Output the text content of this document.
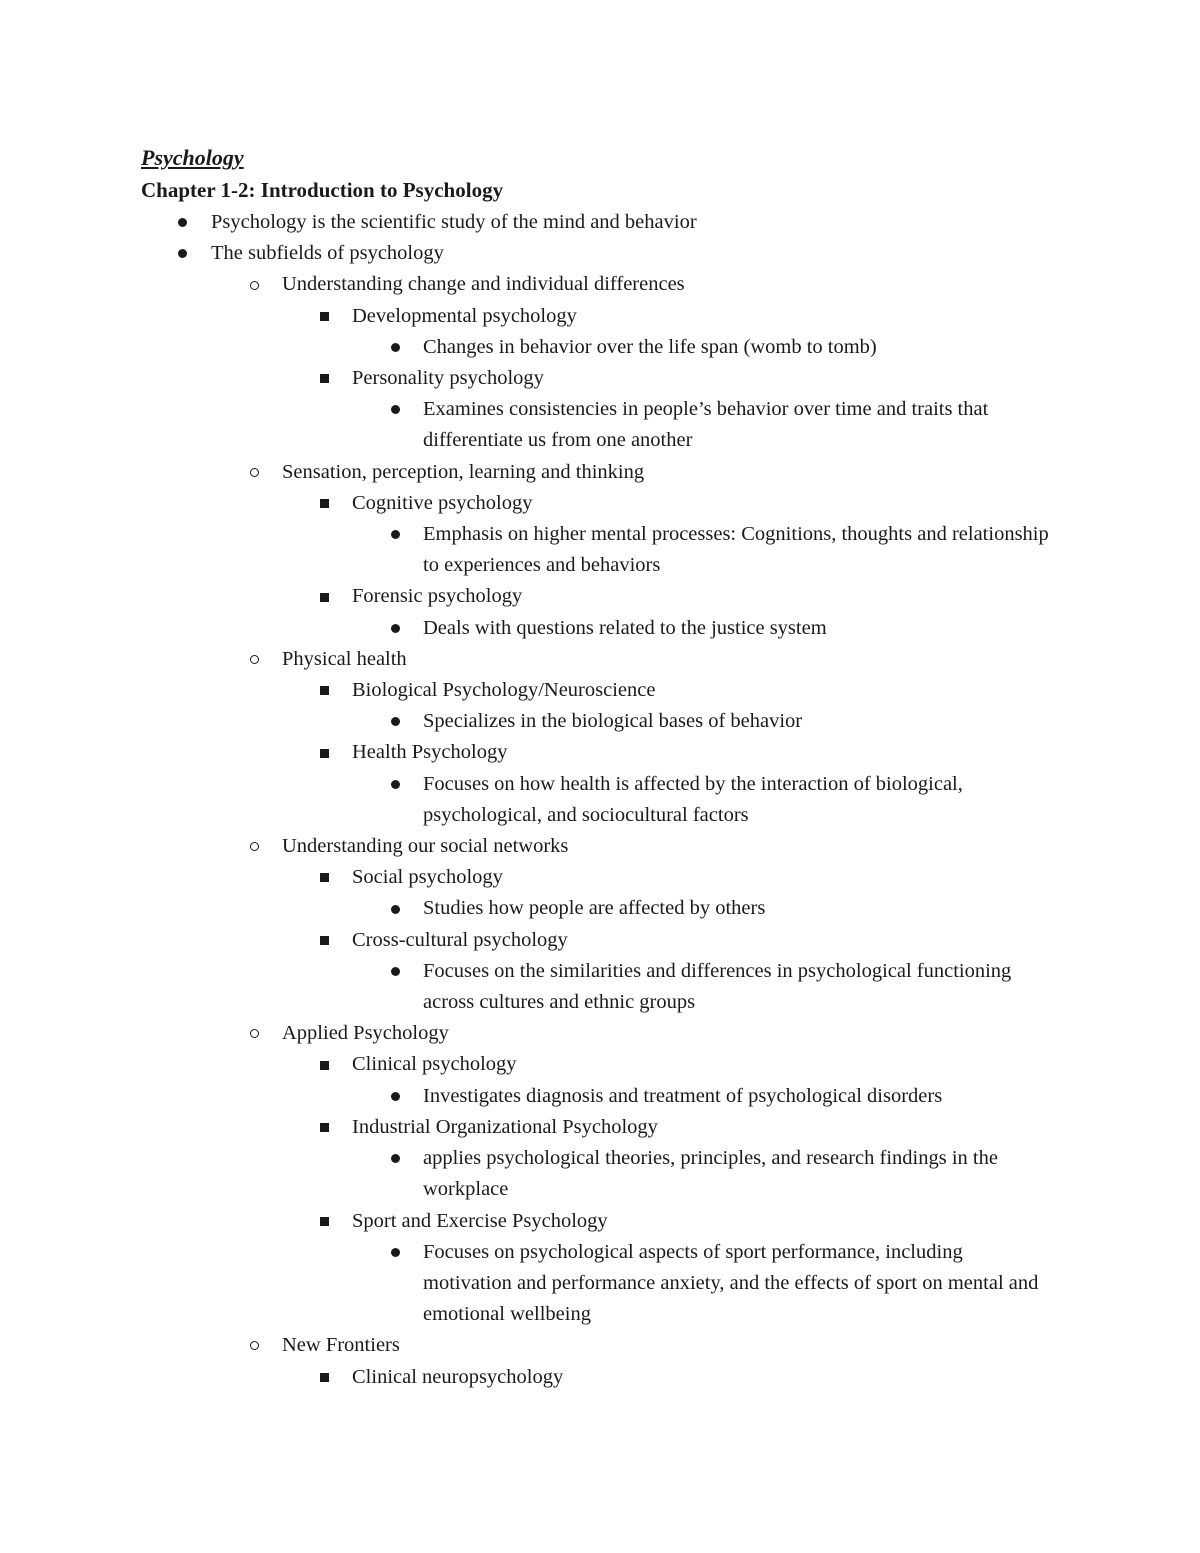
Psychology
Chapter 1-2: Introduction to Psychology
Psychology is the scientific study of the mind and behavior
The subfields of psychology
Understanding change and individual differences
Developmental psychology
Changes in behavior over the life span (womb to tomb)
Personality psychology
Examines consistencies in people’s behavior over time and traits that differentiate us from one another
Sensation, perception, learning and thinking
Cognitive psychology
Emphasis on higher mental processes: Cognitions, thoughts and relationship to experiences and behaviors
Forensic psychology
Deals with questions related to the justice system
Physical health
Biological Psychology/Neuroscience
Specializes in the biological bases of behavior
Health Psychology
Focuses on how health is affected by the interaction of biological, psychological, and sociocultural factors
Understanding our social networks
Social psychology
Studies how people are affected by others
Cross-cultural psychology
Focuses on the similarities and differences in psychological functioning across cultures and ethnic groups
Applied Psychology
Clinical psychology
Investigates diagnosis and treatment of psychological disorders
Industrial Organizational Psychology
applies psychological theories, principles, and research findings in the workplace
Sport and Exercise Psychology
Focuses on psychological aspects of sport performance, including motivation and performance anxiety, and the effects of sport on mental and emotional wellbeing
New Frontiers
Clinical neuropsychology
